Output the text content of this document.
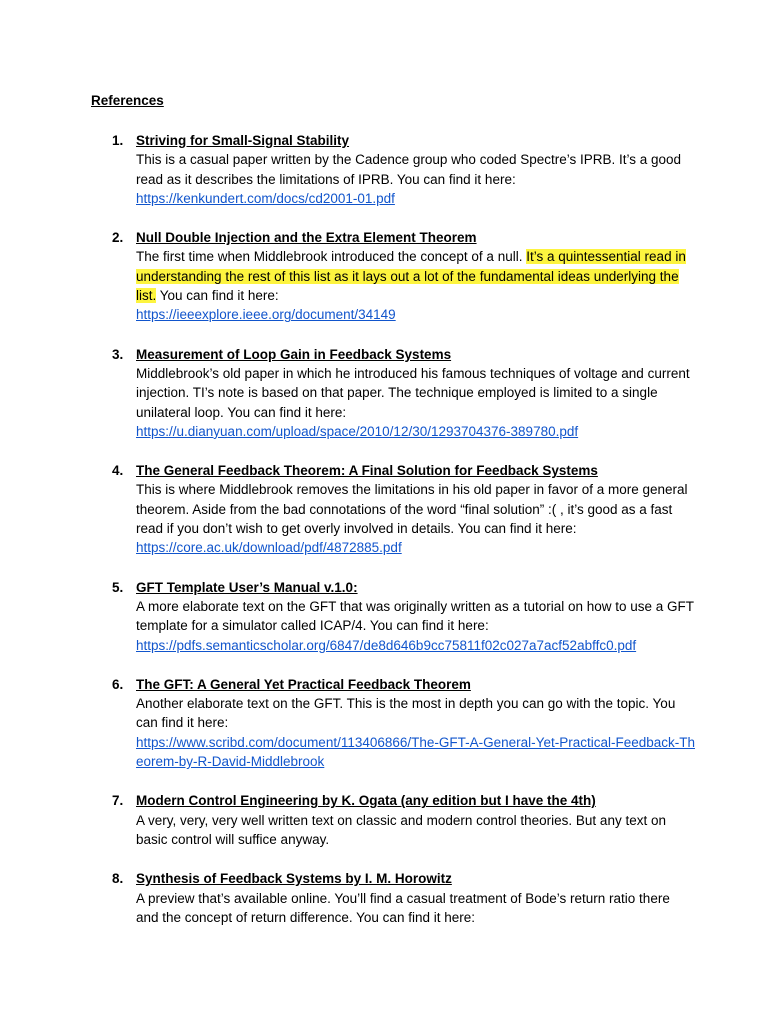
References
1. Striving for Small-Signal Stability
This is a casual paper written by the Cadence group who coded Spectre’s IPRB. It’s a good read as it describes the limitations of IPRB. You can find it here:
https://kenkundert.com/docs/cd2001-01.pdf
2. Null Double Injection and the Extra Element Theorem
The first time when Middlebrook introduced the concept of a null. It’s a quintessential read in understanding the rest of this list as it lays out a lot of the fundamental ideas underlying the list. You can find it here:
https://ieeexplore.ieee.org/document/34149
3. Measurement of Loop Gain in Feedback Systems
Middlebrook’s old paper in which he introduced his famous techniques of voltage and current injection. TI’s note is based on that paper. The technique employed is limited to a single unilateral loop. You can find it here:
https://u.dianyuan.com/upload/space/2010/12/30/1293704376-389780.pdf
4. The General Feedback Theorem: A Final Solution for Feedback Systems
This is where Middlebrook removes the limitations in his old paper in favor of a more general theorem. Aside from the bad connotations of the word “final solution” :( , it’s good as a fast read if you don’t wish to get overly involved in details. You can find it here:
https://core.ac.uk/download/pdf/4872885.pdf
5. GFT Template User’s Manual v.1.0:
A more elaborate text on the GFT that was originally written as a tutorial on how to use a GFT template for a simulator called ICAP/4. You can find it here:
https://pdfs.semanticscholar.org/6847/de8d646b9cc75811f02c027a7acf52abffc0.pdf
6. The GFT: A General Yet Practical Feedback Theorem
Another elaborate text on the GFT. This is the most in depth you can go with the topic. You can find it here:
https://www.scribd.com/document/113406866/The-GFT-A-General-Yet-Practical-Feedback-Theorem-by-R-David-Middlebrook
7. Modern Control Engineering by K. Ogata (any edition but I have the 4th)
A very, very, very well written text on classic and modern control theories. But any text on basic control will suffice anyway.
8. Synthesis of Feedback Systems by I. M. Horowitz
A preview that’s available online. You’ll find a casual treatment of Bode’s return ratio there and the concept of return difference. You can find it here:
